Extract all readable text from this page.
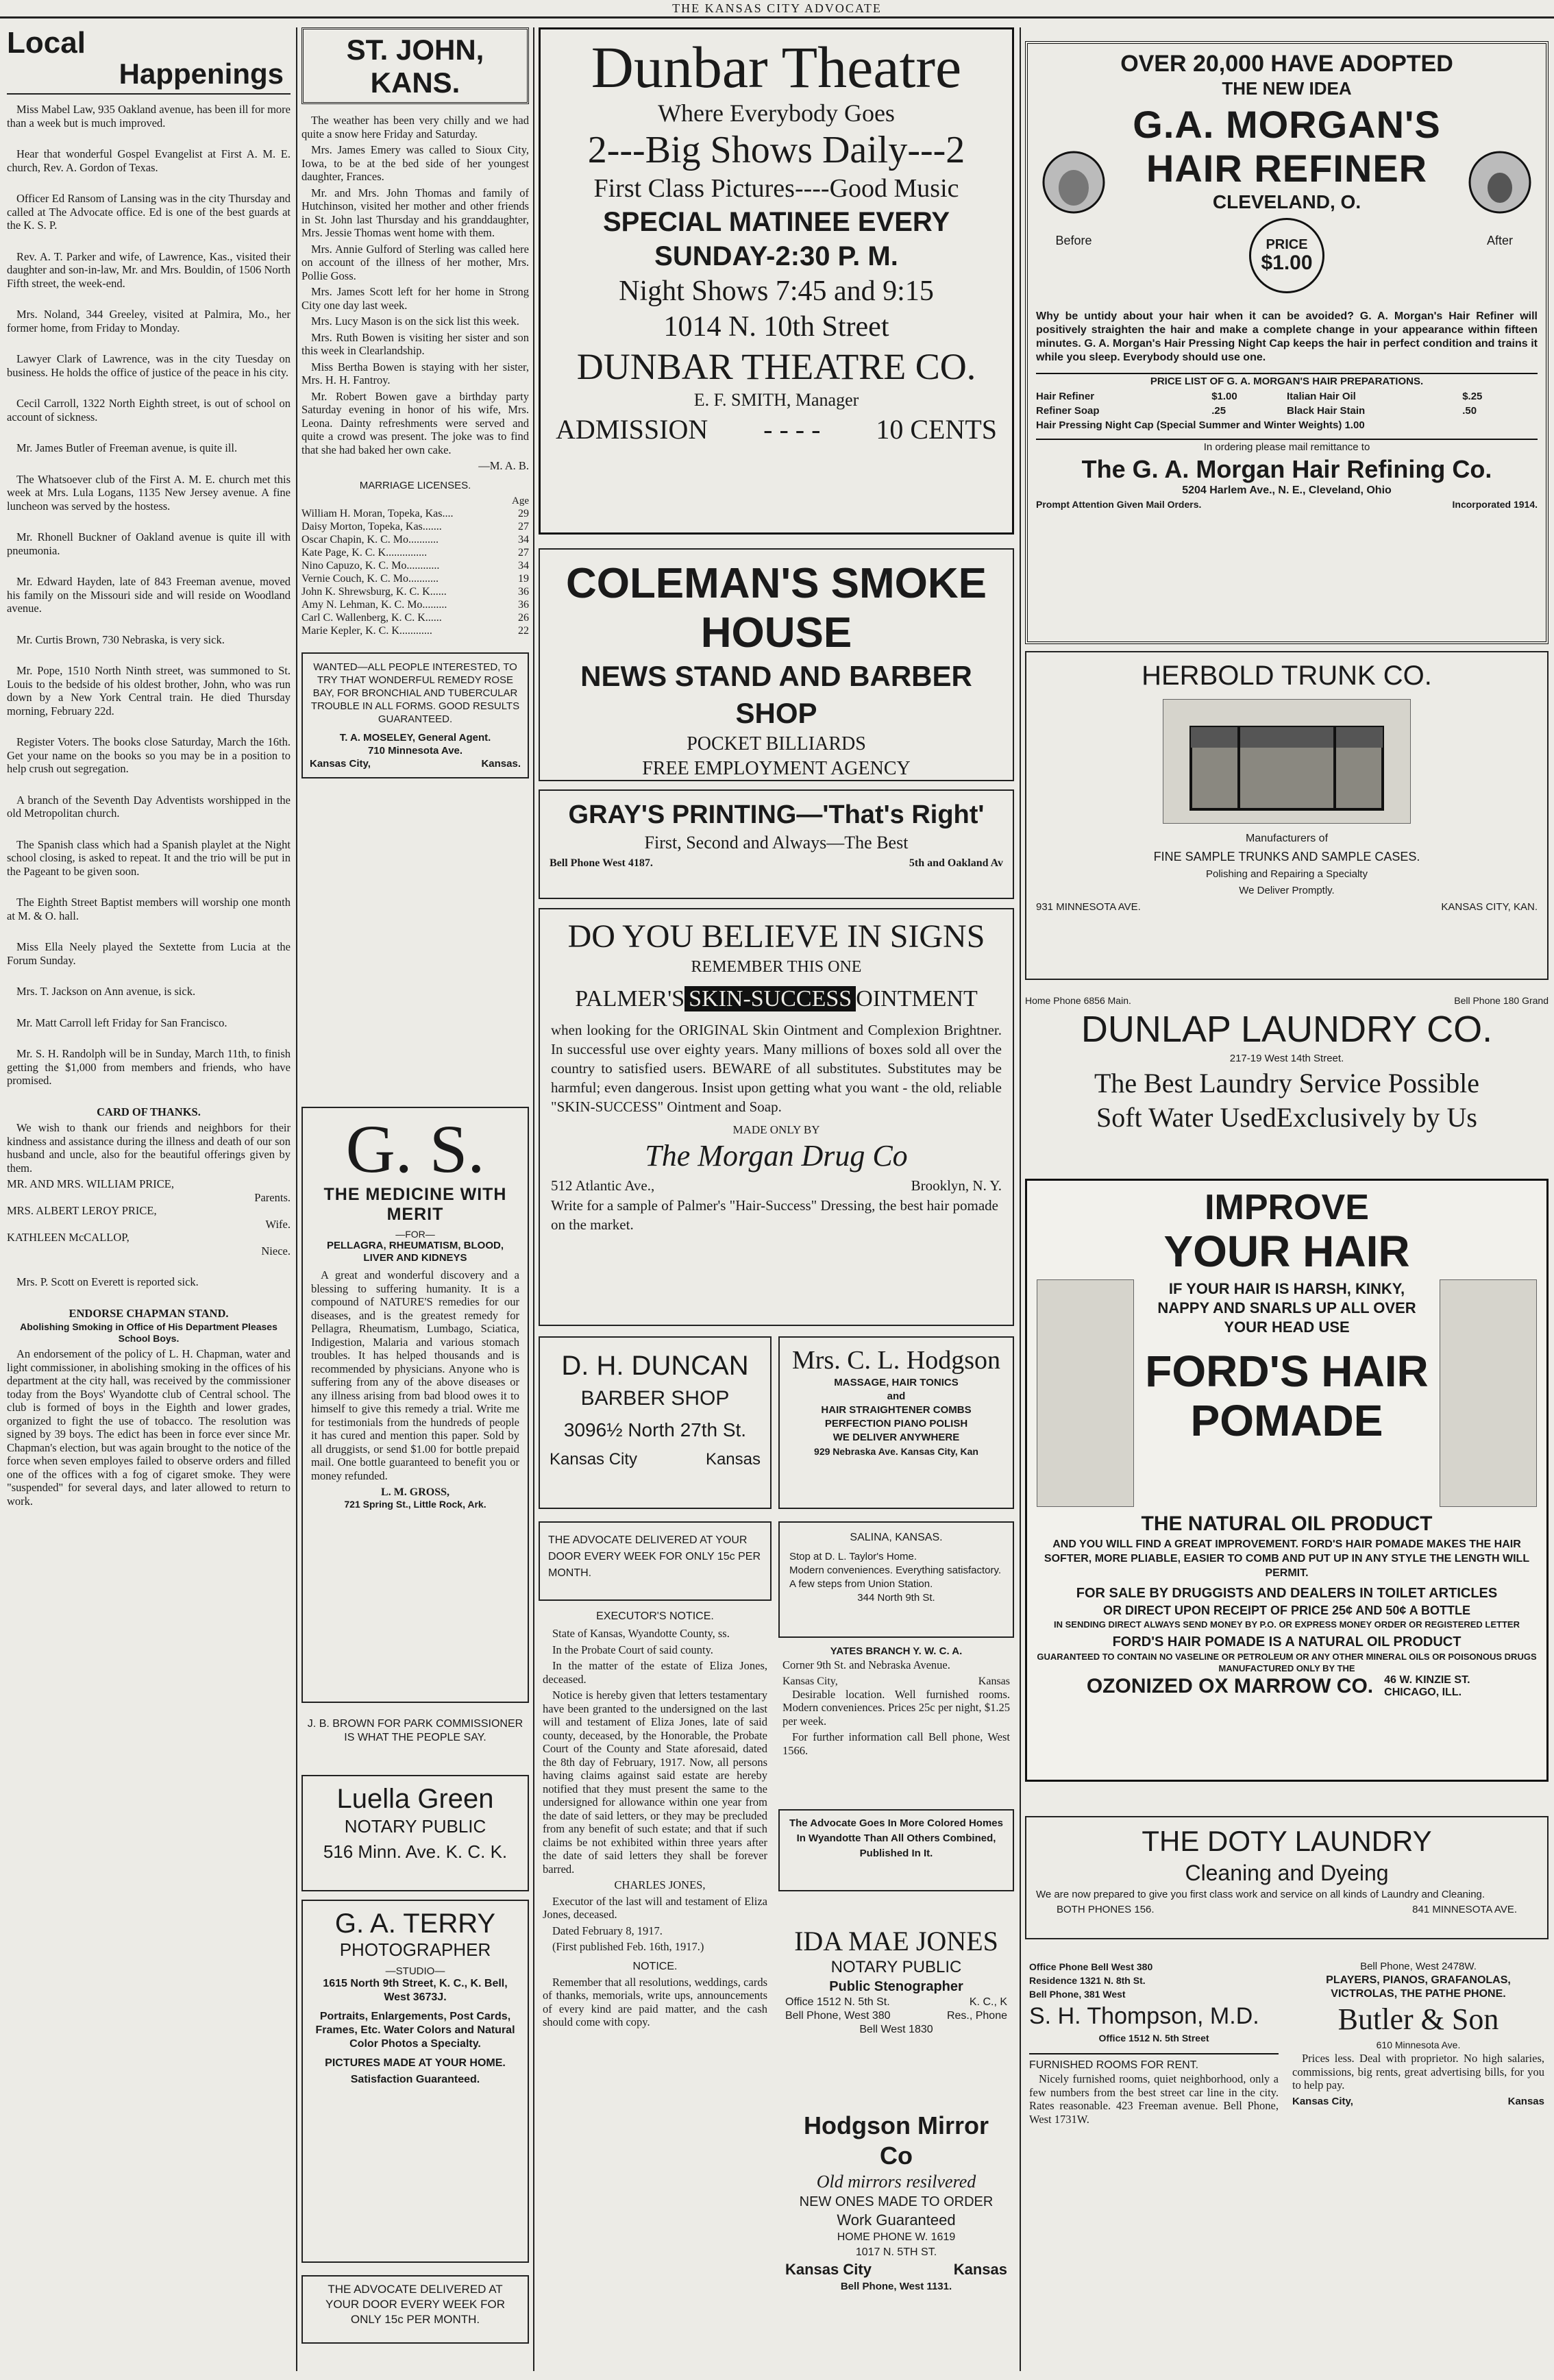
THE KANSAS CITY ADVOCATE
Local
Happenings
Miss Mabel Law, 935 Oakland avenue, has been ill for more than a week but is much improved.
Hear that wonderful Gospel Evangelist at First A. M. E. church, Rev. A. Gordon of Texas.
Officer Ed Ransom of Lansing was in the city Thursday and called at The Advocate office. Ed is one of the best guards at the K. S. P.
Rev. A. T. Parker and wife, of Lawrence, Kas., visited their daughter and son-in-law, Mr. and Mrs. Bouldin, of 1506 North Fifth street, the week-end.
Mrs. Noland, 344 Greeley, visited at Palmira, Mo., her former home, from Friday to Monday.
Lawyer Clark of Lawrence, was in the city Tuesday on business. He holds the office of justice of the peace in his city.
Cecil Carroll, 1322 North Eighth street, is out of school on account of sickness.
Mr. James Butler of Freeman avenue, is quite ill.
The Whatsoever club of the First A. M. E. church met this week at Mrs. Lula Logans, 1135 New Jersey avenue. A fine luncheon was served by the hostess.
Mr. Rhonell Buckner of Oakland avenue is quite ill with pneumonia.
Mr. Edward Hayden, late of 843 Freeman avenue, moved his family on the Missouri side and will reside on Woodland avenue.
Mr. Curtis Brown, 730 Nebraska, is very sick.
Mr. Pope, 1510 North Ninth street, was summoned to St. Louis to the bedside of his oldest brother, John, who was run down by a New York Central train. He died Thursday morning, February 22d.
Register Voters. The books close Saturday, March the 16th. Get your name on the books so you may be in a position to help crush out segregation.
A branch of the Seventh Day Adventists worshipped in the old Metropolitan church.
The Spanish class which had a Spanish playlet at the Night school closing, is asked to repeat. It and the trio will be put in the Pageant to be given soon.
The Eighth Street Baptist members will worship one month at M. & O. hall.
Miss Ella Neely played the Sextette from Lucia at the Forum Sunday.
Mrs. T. Jackson on Ann avenue, is sick.
Mr. Matt Carroll left Friday for San Francisco.
Mr. S. H. Randolph will be in Sunday, March 11th, to finish getting the $1,000 from members and friends, who have promised.
CARD OF THANKS.
We wish to thank our friends and neighbors for their kindness and assistance during the illness and death of our son husband and uncle, also for the beautiful offerings given by them.
MR. AND MRS. WILLIAM PRICE,
Parents.
MRS. ALBERT LEROY PRICE,
Wife.
KATHLEEN McCALLOP,
Niece.
Mrs. P. Scott on Everett is reported sick.
ENDORSE CHAPMAN STAND.
Abolishing Smoking in Office of His Department Pleases School Boys.
An endorsement of the policy of L. H. Chapman, water and light commissioner, in abolishing smoking in the offices of his department at the city hall, was received by the commissioner today from the Boys' Wyandotte club of Central school. The club is formed of boys in the Eighth and lower grades, organized to fight the use of tobacco. The resolution was signed by 39 boys. The edict has been in force ever since Mr. Chapman's election, but was again brought to the notice of the force when seven employes failed to observe orders and filled one of the offices with a fog of cigaret smoke. They were "suspended" for several days, and later allowed to return to work.
ST. JOHN, KANS.
The weather has been very chilly and we had quite a snow here Friday and Saturday.
Mrs. James Emery was called to Sioux City, Iowa, to be at the bed side of her youngest daughter, Frances.
Mr. and Mrs. John Thomas and family of Hutchinson, visited her mother and other friends in St. John last Thursday and his granddaughter, Mrs. Jessie Thomas went home with them.
Mrs. Annie Gulford of Sterling was called here on account of the illness of her mother, Mrs. Pollie Goss.
Mrs. James Scott left for her home in Strong City one day last week.
Mrs. Lucy Mason is on the sick list this week.
Mrs. Ruth Bowen is visiting her sister and son this week in Clearlandship.
Miss Bertha Bowen is staying with her sister, Mrs. H. H. Fantroy.
Mr. Robert Bowen gave a birthday party Saturday evening in honor of his wife, Mrs. Leona. Dainty refreshments were served and quite a crowd was present. The joke was to find that she had baked her own cake.
—M. A. B.
MARRIAGE LICENSES.
Age
William H. Moran, Topeka, Kas....	29
Daisy Morton, Topeka, Kas.......	27
Oscar Chapin, K. C. Mo...........	34
Kate Page, K. C. K...............	27
Nino Capuzo, K. C. Mo............	34
Vernie Couch, K. C. Mo...........	19
John K. Shrewsburg, K. C. K......	36
Amy N. Lehman, K. C. Mo.........	36
Carl C. Wallenberg, K. C. K......	26
Marie Kepler, K. C. K............	22
WANTED—ALL PEOPLE INTERESTED, TO TRY THAT WONDERFUL REMEDY ROSE BAY, FOR BRONCHIAL AND TUBERCULAR TROUBLE IN ALL FORMS. GOOD RESULTS GUARANTEED.
T. A. MOSELEY, General Agent.
710 Minnesota Ave.
Kansas City,	Kansas.
G. S.
THE MEDICINE WITH MERIT
—FOR—
PELLAGRA, RHEUMATISM, BLOOD, LIVER AND KIDNEYS
A great and wonderful discovery and a blessing to suffering humanity. It is a compound of NATURE'S remedies for our diseases, and is the greatest remedy for Pellagra, Rheumatism, Lumbago, Sciatica, Indigestion, Malaria and various stomach troubles. It has helped thousands and is recommended by physicians. Anyone who is suffering from any of the above diseases or any illness arising from bad blood owes it to himself to give this remedy a trial. Write me for testimonials from the hundreds of people it has cured and mention this paper. Sold by all druggists, or send $1.00 for bottle prepaid mail. One bottle guaranteed to benefit you or money refunded.
L. M. GROSS,
721 Spring St., Little Rock, Ark.
J. B. BROWN FOR PARK COMMISSIONER IS WHAT THE PEOPLE SAY.
Luella Green
NOTARY PUBLIC
516 Minn. Ave. K. C. K.
G. A. TERRY
PHOTOGRAPHER
—STUDIO—
1615 North 9th Street, K. C., K. Bell, West 3673J.
Portraits, Enlargements, Post Cards, Frames, Etc. Water Colors and Natural Color Photos a Specialty.
PICTURES MADE AT YOUR HOME.
Satisfaction Guaranteed.
THE ADVOCATE DELIVERED AT YOUR DOOR EVERY WEEK FOR ONLY 15c PER MONTH.
Dunbar Theatre
Where Everybody Goes
2---Big Shows Daily---2
First Class Pictures----Good Music
SPECIAL MATINEE EVERY SUNDAY-2:30 P. M.
Night Shows 7:45 and 9:15
1014 N. 10th Street
DUNBAR THEATRE CO.
E. F. SMITH, Manager
ADMISSION - - - - 10 CENTS
COLEMAN'S SMOKE HOUSE
NEWS STAND AND BARBER SHOP
POCKET BILLIARDS
FREE EMPLOYMENT AGENCY
GRAY'S PRINTING—'That's Right'
First, Second and Always—The Best
Bell Phone West 4187.	5th and Oakland Av
DO YOU BELIEVE IN SIGNS
REMEMBER THIS ONE
PALMER'S SKIN-SUCCESS OINTMENT
when looking for the ORIGINAL Skin Ointment and Complexion Brightner. In successful use over eighty years. Many millions of boxes sold all over the country to satisfied users. BEWARE of all substitutes. Substitutes may be harmful; even dangerous. Insist upon getting what you want - the old, reliable "SKIN-SUCCESS" Ointment and Soap.
MADE ONLY BY
The Morgan Drug Co
512 Atlantic Ave.,	Brooklyn, N. Y.
Write for a sample of Palmer's "Hair-Success" Dressing, the best hair pomade on the market.
D. H. DUNCAN
BARBER SHOP
3096½ North 27th St.
Kansas City	Kansas
Mrs. C. L. Hodgson
MASSAGE, HAIR TONICS
and
HAIR STRAIGHTENER COMBS
PERFECTION PIANO POLISH
WE DELIVER ANYWHERE
929 Nebraska Ave. Kansas City, Kan
THE ADVOCATE DELIVERED AT YOUR DOOR EVERY WEEK FOR ONLY 15c PER MONTH.
SALINA, KANSAS.
Stop at D. L. Taylor's Home.
Modern conveniences. Everything satisfactory. A few steps from Union Station.
344 North 9th St.
EXECUTOR'S NOTICE.
State of Kansas, Wyandotte County, ss.
In the Probate Court of said county.
In the matter of the estate of Eliza Jones, deceased.
Notice is hereby given that letters testamentary have been granted to the undersigned on the last will and testament of Eliza Jones, late of said county, deceased, by the Honorable, the Probate Court of the County and State aforesaid, dated the 8th day of February, 1917. Now, all persons having claims against said estate are hereby notified that they must present the same to the undersigned for allowance within one year from the date of said letters, or they may be precluded from any benefit of such estate; and that if such claims be not exhibited within three years after the date of said letters they shall be forever barred.
CHARLES JONES,
Executor of the last will and testament of Eliza Jones, deceased.
Dated February 8, 1917.
(First published Feb. 16th, 1917.)
NOTICE.
Remember that all resolutions, weddings, cards of thanks, memorials, write ups, announcements of every kind are paid matter, and the cash should come with copy.
YATES BRANCH Y. W. C. A.
Corner 9th St. and Nebraska Avenue.
Kansas City,	Kansas
Desirable location. Well furnished rooms. Modern conveniences. Prices 25c per night, $1.25 per week.
For further information call Bell phone, West 1566.
The Advocate Goes In More Colored Homes In Wyandotte Than All Others Combined, Published In It.
IDA MAE JONES
NOTARY PUBLIC
Public Stenographer
Office 1512 N. 5th St.	K. C., K
Bell Phone, West 380	Res., Phone
Bell West 1830
Hodgson Mirror Co
Old mirrors resilvered
NEW ONES MADE TO ORDER
Work Guaranteed
HOME PHONE W. 1619
1017 N. 5TH ST.
Kansas City	Kansas
Bell Phone, West 1131.
OVER 20,000 HAVE ADOPTED
THE NEW IDEA
Before
G.A. MORGAN'S HAIR REFINER
CLEVELAND, O.
PRICE
$1.00
After
Why be untidy about your hair when it can be avoided? G. A. Morgan's Hair Refiner will positively straighten the hair and make a complete change in your appearance within fifteen minutes. G. A. Morgan's Hair Pressing Night Cap keeps the hair in perfect condition and trains it while you sleep. Everybody should use one.
PRICE LIST OF G. A. MORGAN'S HAIR PREPARATIONS.
Hair Refiner	$1.00	Italian Hair Oil	$.25
Refiner Soap	.25	Black Hair Stain	.50
Hair Pressing Night Cap (Special Summer and Winter Weights) 1.00
In ordering please mail remittance to
The G. A. Morgan Hair Refining Co.
5204 Harlem Ave., N. E., Cleveland, Ohio
Prompt Attention Given Mail Orders.	Incorporated 1914.
HERBOLD TRUNK CO.
Manufacturers of
FINE SAMPLE TRUNKS AND SAMPLE CASES.
Polishing and Repairing a Specialty
We Deliver Promptly.
931 MINNESOTA AVE.	KANSAS CITY, KAN.
Home Phone 6856 Main.	Bell Phone 180 Grand
DUNLAP LAUNDRY CO.
217-19 West 14th Street.
The Best Laundry Service Possible
Soft Water UsedExclusively by Us
IMPROVE
YOUR HAIR
IF YOUR HAIR IS HARSH, KINKY, NAPPY AND SNARLS UP ALL OVER YOUR HEAD USE
FORD'S HAIR POMADE
THE NATURAL OIL PRODUCT
AND YOU WILL FIND A GREAT IMPROVEMENT. FORD'S HAIR POMADE MAKES THE HAIR SOFTER, MORE PLIABLE, EASIER TO COMB AND PUT UP IN ANY STYLE THE LENGTH WILL PERMIT.
FOR SALE BY DRUGGISTS AND DEALERS IN TOILET ARTICLES
OR DIRECT UPON RECEIPT OF PRICE 25¢ AND 50¢ A BOTTLE
IN SENDING DIRECT ALWAYS SEND MONEY BY P.O. OR EXPRESS MONEY ORDER OR REGISTERED LETTER
FORD'S HAIR POMADE IS A NATURAL OIL PRODUCT
GUARANTEED TO CONTAIN NO VASELINE OR PETROLEUM OR ANY OTHER MINERAL OILS OR POISONOUS DRUGS
MANUFACTURED ONLY BY THE
OZONIZED OX MARROW CO. 46 W. KINZIE ST. CHICAGO, ILL.
THE DOTY LAUNDRY
Cleaning and Dyeing
We are now prepared to give you first class work and service on all kinds of Laundry and Cleaning.
BOTH PHONES 156.	841 MINNESOTA AVE.
Office Phone Bell West 380
Residence 1321 N. 8th St.
Bell Phone, 381 West
S. H. Thompson, M.D.
Office 1512 N. 5th Street
FURNISHED ROOMS FOR RENT.
Nicely furnished rooms, quiet neighborhood, only a few numbers from the best street car line in the city. Rates reasonable. 423 Freeman avenue. Bell Phone, West 1731W.
Bell Phone, West 2478W.
PLAYERS, PIANOS, GRAFANOLAS, VICTROLAS, THE PATHE PHONE.
Butler & Son
610 Minnesota Ave.
Prices less. Deal with proprietor. No high salaries, commissions, big rents, great advertising bills, for you to help pay.
Kansas City,	Kansas
